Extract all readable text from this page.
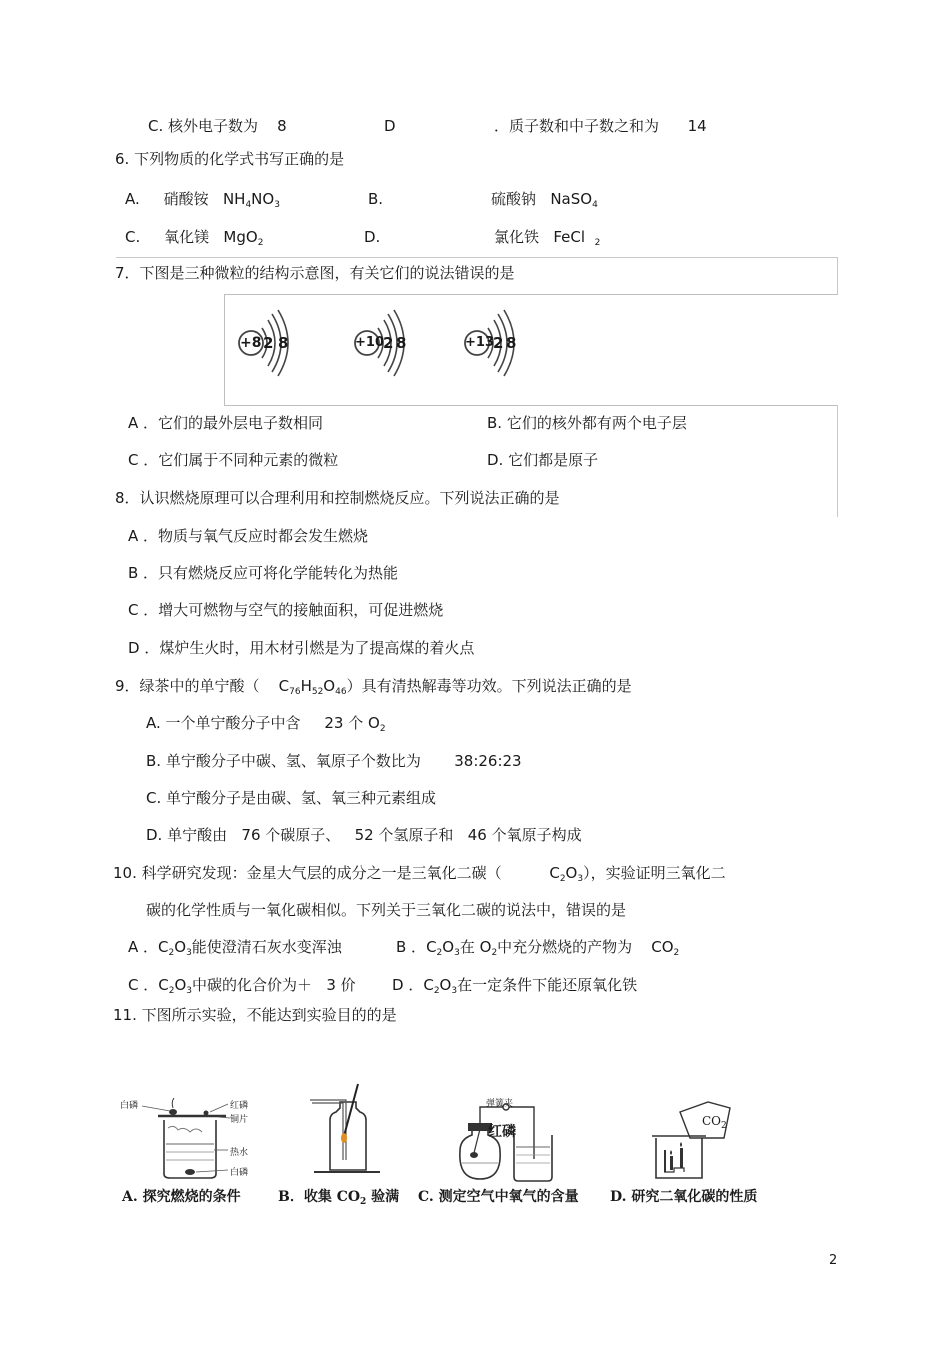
C. 核外电子数为 8	D	．质子数和中子数之和为 14
6. 下列物质的化学式书写正确的是
A. 硝酸铵 $NH_4NO_3$	B.	硫酸钠 NaSO$_4$
C. 氧化镁 MgO$_2$	D.	氯化铁 FeCl $_2$
7．下图是三种微粒的结构示意图，有关它们的说法错误的是
+8 2 8	+10 2 8	+13 2 8
A ．它们的最外层电子数相同	B. 它们的核外都有两个电子层
C ．它们属于不同种元素的微粒	D. 它们都是原子
8．认识燃烧原理可以合理利用和控制燃烧反应。下列说法正确的是
A ．物质与氧气反应时都会发生燃烧
B ．只有燃烧反应可将化学能转化为热能
C ．增大可燃物与空气的接触面积，可促进燃烧
D ．煤炉生火时，用木材引燃是为了提高煤的着火点
9．绿茶中的单宁酸（ $C_{76}H_{52}O_{46}$）具有清热解毒等功效。下列说法正确的是
A. 一个单宁酸分子中含 23 个 $O_2$
B. 单宁酸分子中碳、氢、氧原子个数比为 38:26:23
C. 单宁酸分子是由碳、氢、氧三种元素组成
D. 单宁酸由 76 个碳原子、 52 个氢原子和 46 个氧原子构成
10. 科学研究发现：金星大气层的成分之一是三氧化二碳（	$C_2O_3$），实验证明三氧化二
碳的化学性质与一氧化碳相似。下列关于三氧化二碳的说法中，错误的是
A ．$C_2O_3$能使澄清石灰水变浑浊	B ．$C_2O_3$在 $O_2$中充分燃烧的产物为 $CO_2$
C ．$C_2O_3$中碳的化合价为＋ 3 价 D ．$C_2O_3$在一定条件下能还原氧化铁
11. 下图所示实验，不能达到实验目的的是
白磷	红磷
铜片
热水
白磷
弹簧夹
红磷
$CO_2$
A. 探究燃烧的条件	B．收集 $CO_2$ 验满 C. 测定空气中氧气的含量 D. 研究二氧化碳的性质
2
